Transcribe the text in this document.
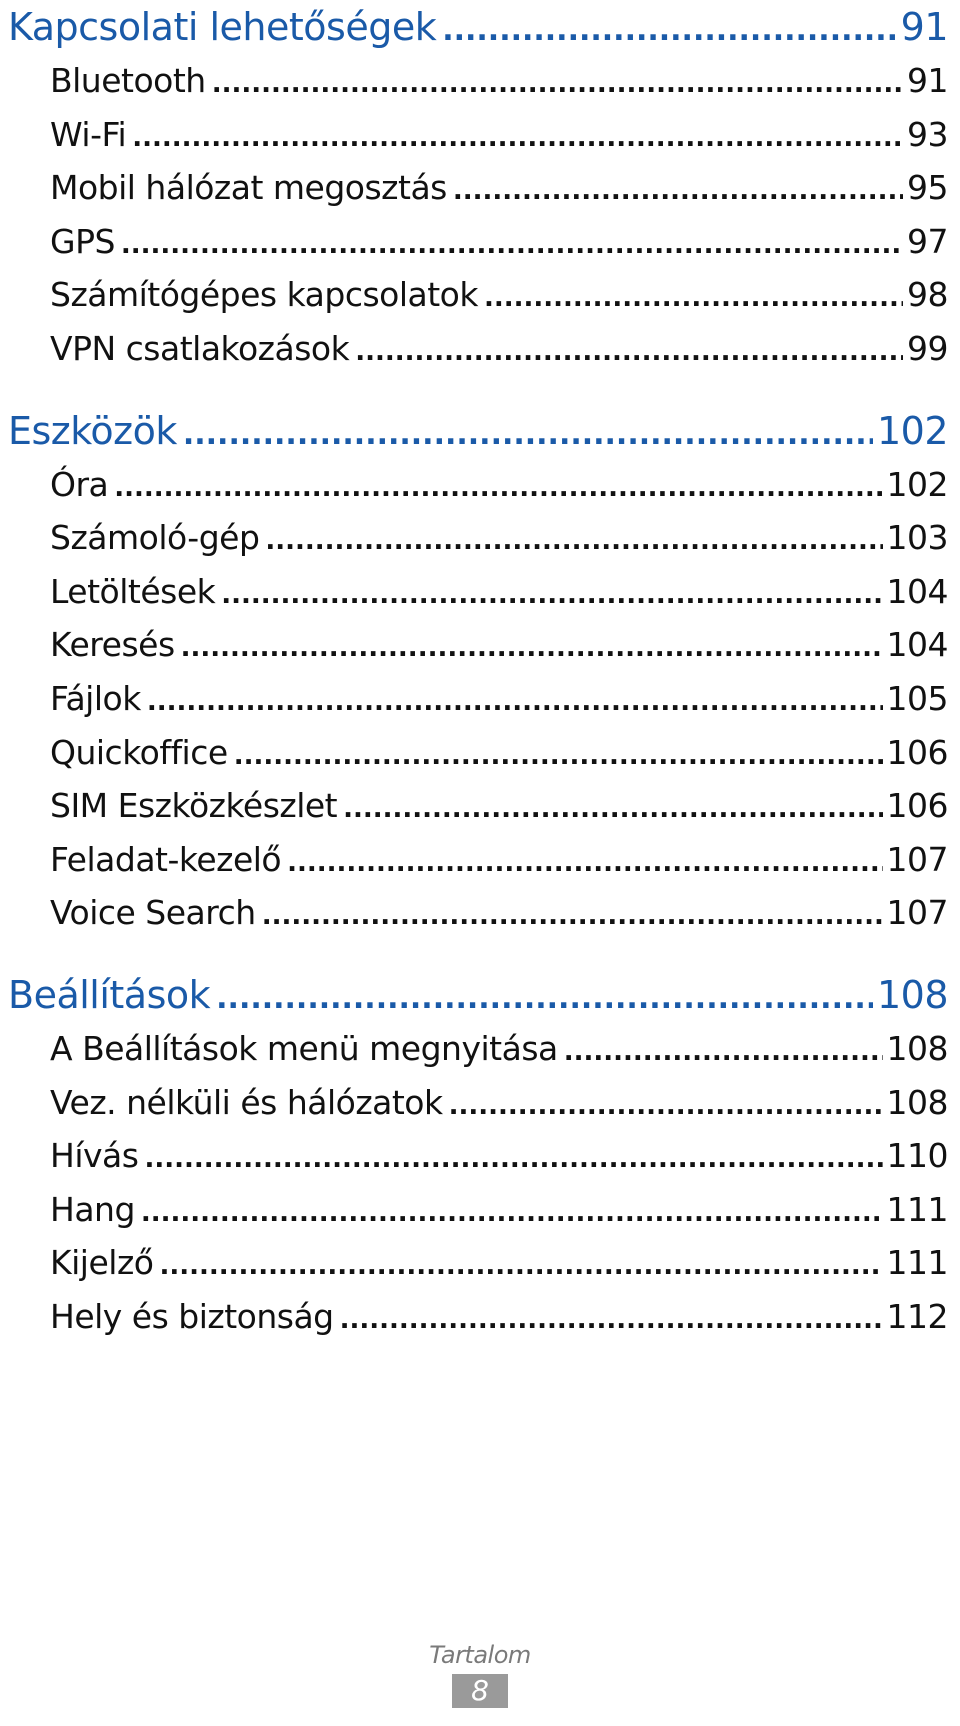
Kapcsolati lehetőségek .....	91
Bluetooth .....	91
Wi-Fi .....	93
Mobil hálózat megosztás .....	95
GPS .....	97
Számítógépes kapcsolatok .....	98
VPN csatlakozások .....	99
Eszközök .....	102
Óra .....	102
Számoló-gép .....	103
Letöltések .....	104
Keresés .....	104
Fájlok .....	105
Quickoffice .....	106
SIM Eszközkészlet .....	106
Feladat-kezelő .....	107
Voice Search .....	107
Beállítások .....	108
A Beállítások menü megnyitása .....	108
Vez. nélküli és hálózatok .....	108
Hívás .....	110
Hang .....	111
Kijelző .....	111
Hely és biztonság .....	112
Tartalom
8
